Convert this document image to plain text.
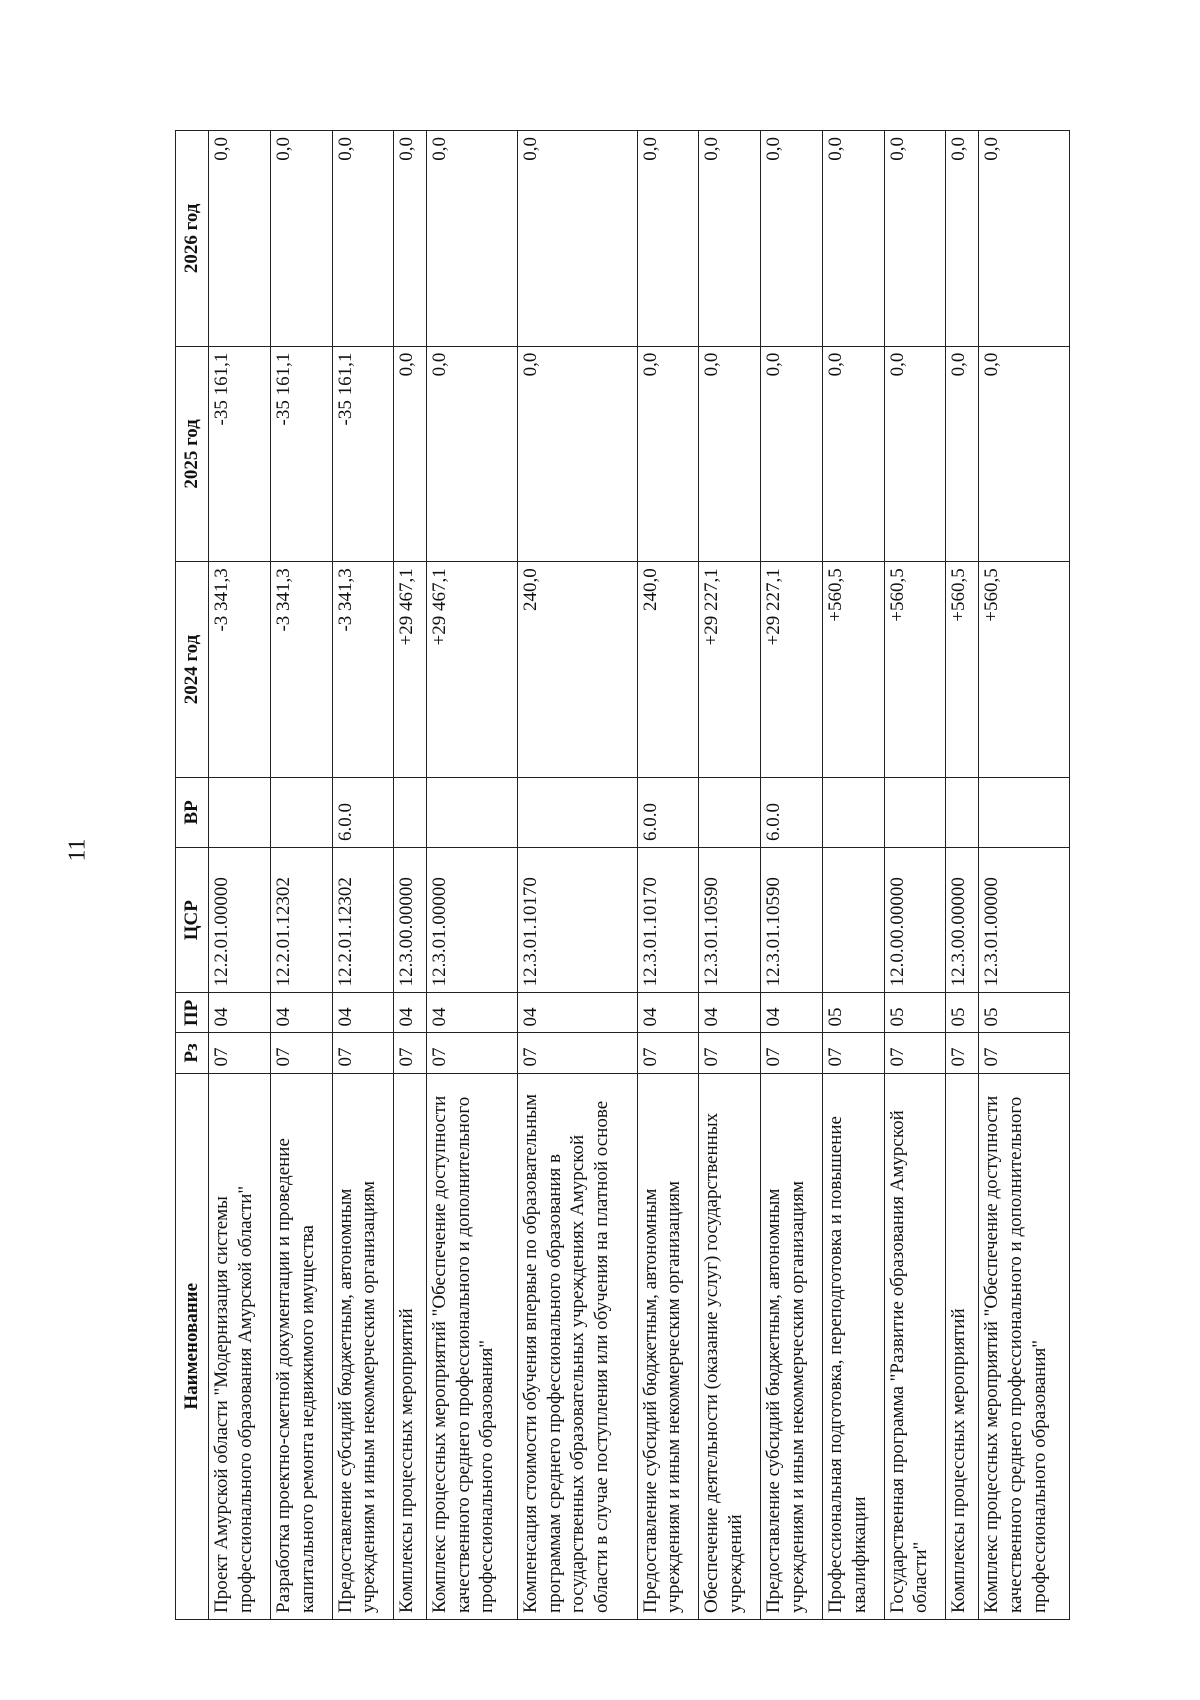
11
Наименование	Рз	ПР	ЦСР	ВР	2024 год	2025 год	2026 год
Проект Амурской области "Модернизация системы профессионального образования Амурской области"	07	04	12.2.01.00000		-3 341,3	-35 161,1	0,0
Разработка проектно-сметной документации и проведение капитального ремонта недвижимого имущества	07	04	12.2.01.12302		-3 341,3	-35 161,1	0,0
Предоставление субсидий бюджетным, автономным учреждениям и иным некоммерческим организациям	07	04	12.2.01.12302	6.0.0	-3 341,3	-35 161,1	0,0
Комплексы процессных мероприятий	07	04	12.3.00.00000		+29 467,1	0,0	0,0
Комплекс процессных мероприятий "Обеспечение доступности качественного среднего профессионального и дополнительного профессионального образования"	07	04	12.3.01.00000		+29 467,1	0,0	0,0
Компенсация стоимости обучения впервые по образовательным программам среднего профессионального образования в государственных образовательных учреждениях Амурской области в случае поступления или обучения на платной основе	07	04	12.3.01.10170		240,0	0,0	0,0
Предоставление субсидий бюджетным, автономным учреждениям и иным некоммерческим организациям	07	04	12.3.01.10170	6.0.0	240,0	0,0	0,0
Обеспечение деятельности (оказание услуг) государственных учреждений	07	04	12.3.01.10590		+29 227,1	0,0	0,0
Предоставление субсидий бюджетным, автономным учреждениям и иным некоммерческим организациям	07	04	12.3.01.10590	6.0.0	+29 227,1	0,0	0,0
Профессиональная подготовка, переподготовка и повышение квалификации	07	05			+560,5	0,0	0,0
Государственная программа "Развитие образования Амурской области"	07	05	12.0.00.00000		+560,5	0,0	0,0
Комплексы процессных мероприятий	07	05	12.3.00.00000		+560,5	0,0	0,0
Комплекс процессных мероприятий "Обеспечение доступности качественного среднего профессионального и дополнительного профессионального образования"	07	05	12.3.01.00000		+560,5	0,0	0,0
